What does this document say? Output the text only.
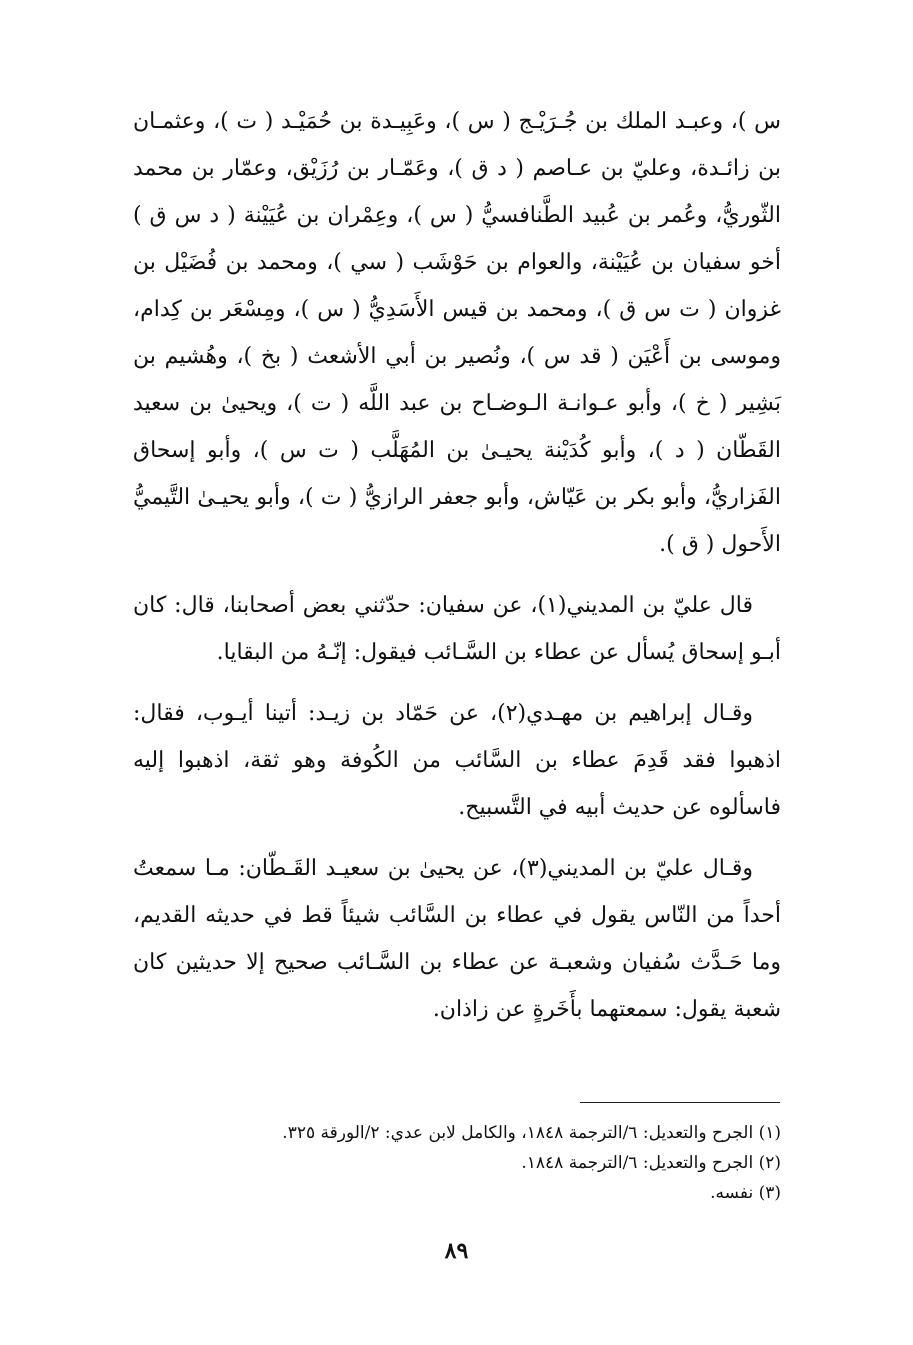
س )، وعبـد الملك بن جُـرَيْـج ( س )، وعَبِيـدة بن حُمَيْـد ( ت )، وعثمـان بن زائـدة، وعليّ بن عـاصم ( د ق )، وعَمّـار بن رُزَيْق، وعمّار بن محمد الثّوريُّ، وعُمر بن عُبيد الطَّنافسيُّ ( س )، وعِمْران بن عُيَيْنة ( د س ق ) أخو سفيان بن عُيَيْنة، والعوام بن حَوْشَب ( سي )، ومحمد بن فُضَيْل بن غزوان ( ت س ق )، ومحمد بن قيس الأَسَدِيُّ ( س )، ومِسْعَر بن كِدام، وموسى بن أَعْيَن ( قد س )، ونُصير بن أبي الأشعث ( بخ )، وهُشيم بن بَشِير ( خ )، وأبو عـوانـة الـوضـاح بن عبد اللَّه ( ت )، ويحيىٰ بن سعيد القَطّان ( د )، وأبو كُدَيْنة يحيـىٰ بن المُهَلَّب ( ت س )، وأبو إسحاق الفَزاريُّ، وأبو بكر بن عَيّاش، وأبو جعفر الرازيُّ ( ت )، وأبو يحيـىٰ التَّيميُّ الأَحول ( ق ).

قال عليّ بن المديني(١)، عن سفيان: حدّثني بعض أصحابنا، قال: كان أبـو إسحاق يُسأل عن عطاء بن السَّـائب فيقول: إنّـهُ من البقايا.

وقـال إبراهيم بن مهـدي(٢)، عن حَمّاد بن زيـد: أتينا أيـوب، فقال: اذهبوا فقد قَدِمَ عطاء بن السَّائب من الكُوفة وهو ثقة، اذهبوا إليه فاسألوه عن حديث أبيه في التَّسبيح.

وقـال عليّ بن المديني(٣)، عن يحيىٰ بن سعيـد القَـطّان: مـا سمعتُ أحداً من النّاس يقول في عطاء بن السَّائب شيئاً قط في حديثه القديم، وما حَـدَّث سُفيان وشعبـة عن عطاء بن السَّـائب صحيح إلا حديثين كان شعبة يقول: سمعتهما بأَخَرةٍ عن زاذان.

(١) الجرح والتعديل: ٦/الترجمة ١٨٤٨، والكامل لابن عدي: ٢/الورقة ٣٢٥.

(٢) الجرح والتعديل: ٦/الترجمة ١٨٤٨.

(٣) نفسه.

٨٩
